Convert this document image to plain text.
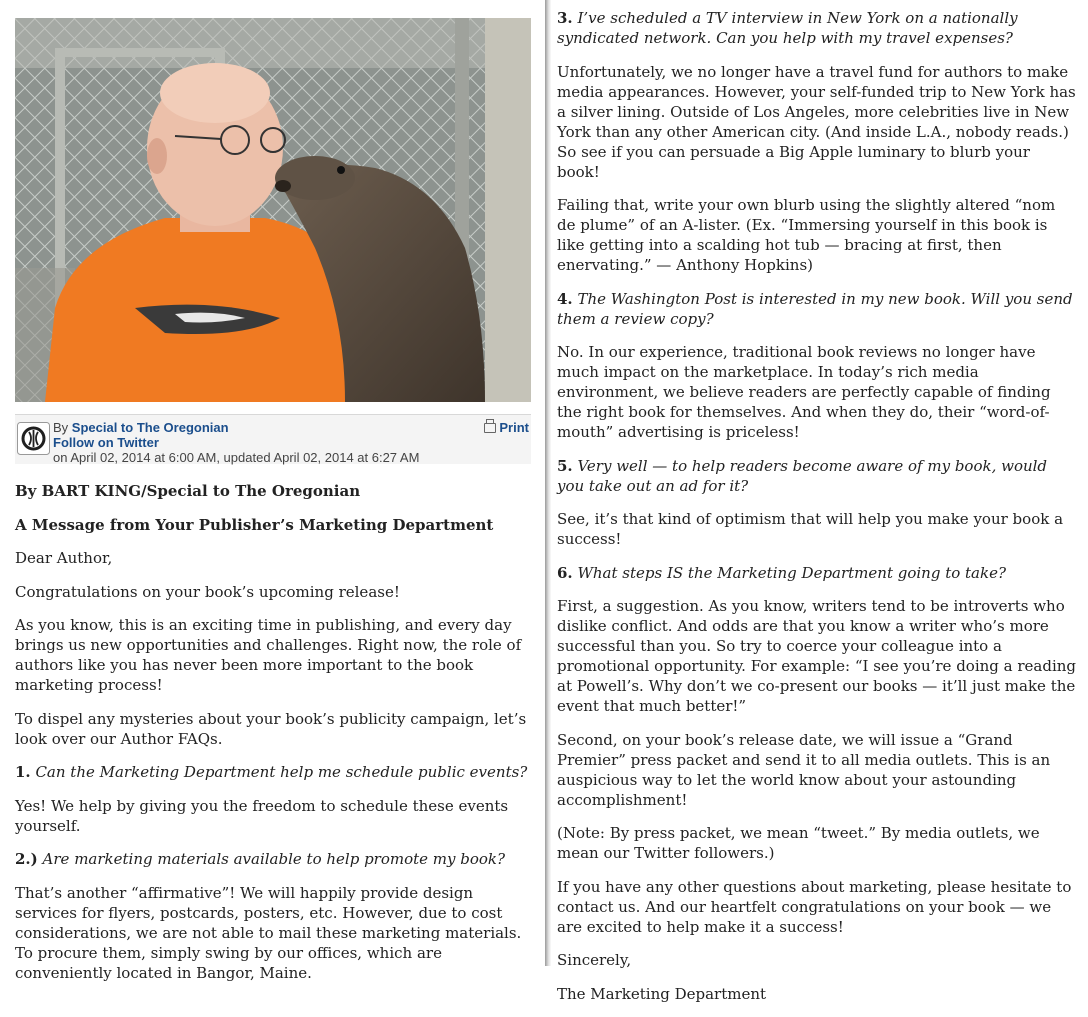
By Special to The Oregonian
Follow on Twitter
on April 02, 2014 at 6:00 AM, updated April 02, 2014 at 6:27 AM
Print

By BART KING/Special to The Oregonian

A Message from Your Publisher’s Marketing Department

Dear Author,

Congratulations on your book’s upcoming release!

As you know, this is an exciting time in publishing, and every day brings us new opportunities and challenges. Right now, the role of authors like you has never been more important to the book marketing process!

To dispel any mysteries about your book’s publicity campaign, let’s look over our Author FAQs.

1. Can the Marketing Department help me schedule public events?

Yes! We help by giving you the freedom to schedule these events yourself.

2.) Are marketing materials available to help promote my book?

That’s another “affirmative”! We will happily provide design services for flyers, postcards, posters, etc. However, due to cost considerations, we are not able to mail these marketing materials. To procure them, simply swing by our offices, which are conveniently located in Bangor, Maine.

3. I’ve scheduled a TV interview in New York on a nationally syndicated network. Can you help with my travel expenses?

Unfortunately, we no longer have a travel fund for authors to make media appearances. However, your self-funded trip to New York has a silver lining. Outside of Los Angeles, more celebrities live in New York than any other American city. (And inside L.A., nobody reads.) So see if you can persuade a Big Apple luminary to blurb your book!

Failing that, write your own blurb using the slightly altered “nom de plume” of an A-lister. (Ex. “Immersing yourself in this book is like getting into a scalding hot tub — bracing at first, then enervating.” — Anthony Hopkins)

4. The Washington Post is interested in my new book. Will you send them a review copy?

No. In our experience, traditional book reviews no longer have much impact on the marketplace. In today’s rich media environment, we believe readers are perfectly capable of finding the right book for themselves. And when they do, their “word-of-mouth” advertising is priceless!

5. Very well — to help readers become aware of my book, would you take out an ad for it?

See, it’s that kind of optimism that will help you make your book a success!

6. What steps IS the Marketing Department going to take?

First, a suggestion. As you know, writers tend to be introverts who dislike conflict. And odds are that you know a writer who’s more successful than you. So try to coerce your colleague into a promotional opportunity. For example: “I see you’re doing a reading at Powell’s. Why don’t we co-present our books — it’ll just make the event that much better!”

Second, on your book’s release date, we will issue a “Grand Premier” press packet and send it to all media outlets. This is an auspicious way to let the world know about your astounding accomplishment!

(Note: By press packet, we mean “tweet.” By media outlets, we mean our Twitter followers.)

If you have any other questions about marketing, please hesitate to contact us. And our heartfelt congratulations on your book — we are excited to help make it a success!

Sincerely,

The Marketing Department
